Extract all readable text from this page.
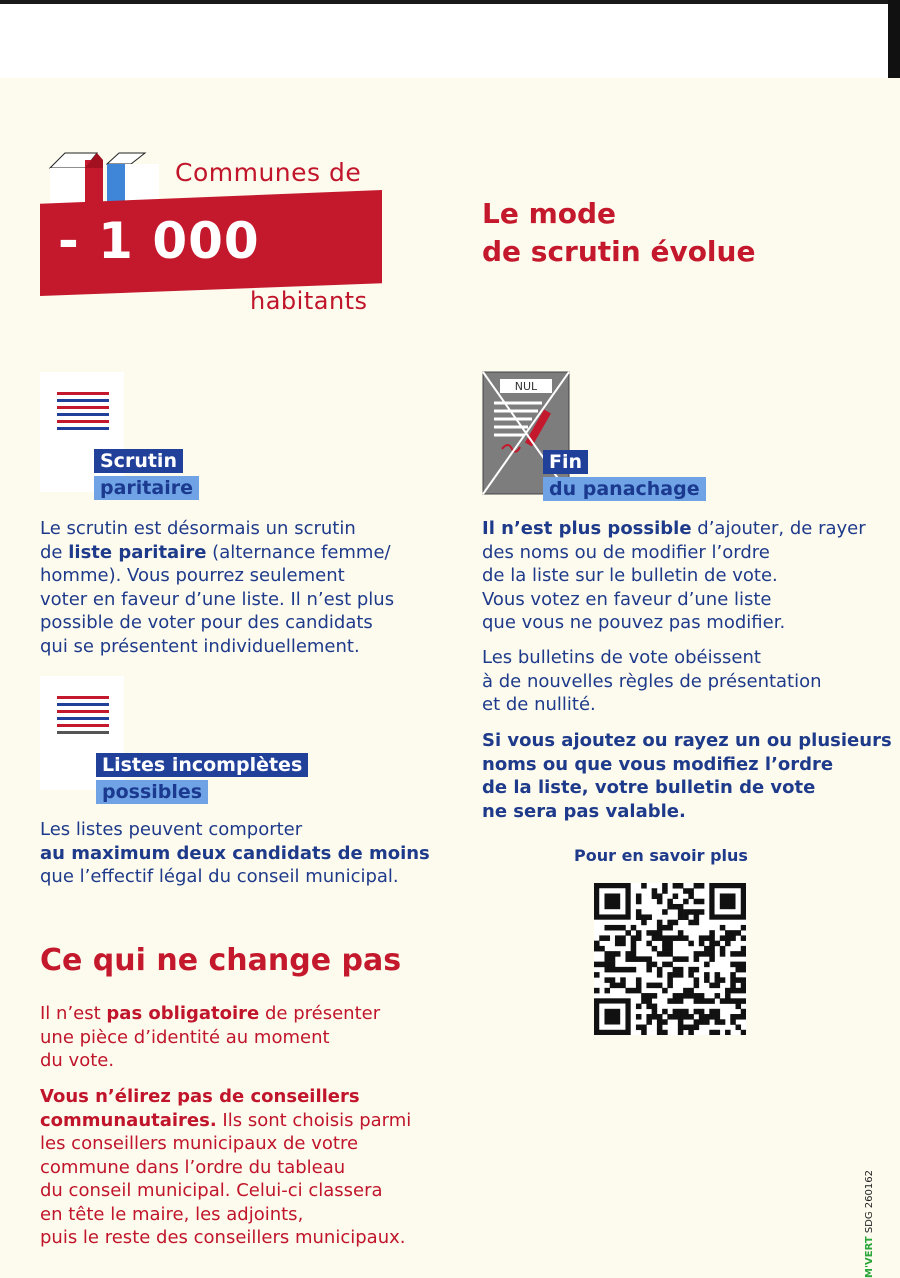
Communes de
- 1 000
habitants
Le mode
de scrutin évolue
Scrutin
paritaire
Le scrutin est désormais un scrutin
de liste paritaire (alternance femme/
homme). Vous pourrez seulement
voter en faveur d’une liste. Il n’est plus
possible de voter pour des candidats
qui se présentent individuellement.
Listes incomplètes
possibles
Les listes peuvent comporter
au maximum deux candidats de moins
que l’effectif légal du conseil municipal.
Ce qui ne change pas
Il n’est pas obligatoire de présenter
une pièce d’identité au moment
du vote.
Vous n’élirez pas de conseillers
communautaires. Ils sont choisis parmi
les conseillers municipaux de votre
commune dans l’ordre du tableau
du conseil municipal. Celui-ci classera
en tête le maire, les adjoints,
puis le reste des conseillers municipaux.
NUL
Fin
du panachage
Il n’est plus possible d’ajouter, de rayer
des noms ou de modifier l’ordre
de la liste sur le bulletin de vote.
Vous votez en faveur d’une liste
que vous ne pouvez pas modifier.
Les bulletins de vote obéissent
à de nouvelles règles de présentation
et de nullité.
Si vous ajoutez ou rayez un ou plusieurs
noms ou que vous modifiez l’ordre
de la liste, votre bulletin de vote
ne sera pas valable.
Pour en savoir plus
M'VERT SDG 260162
